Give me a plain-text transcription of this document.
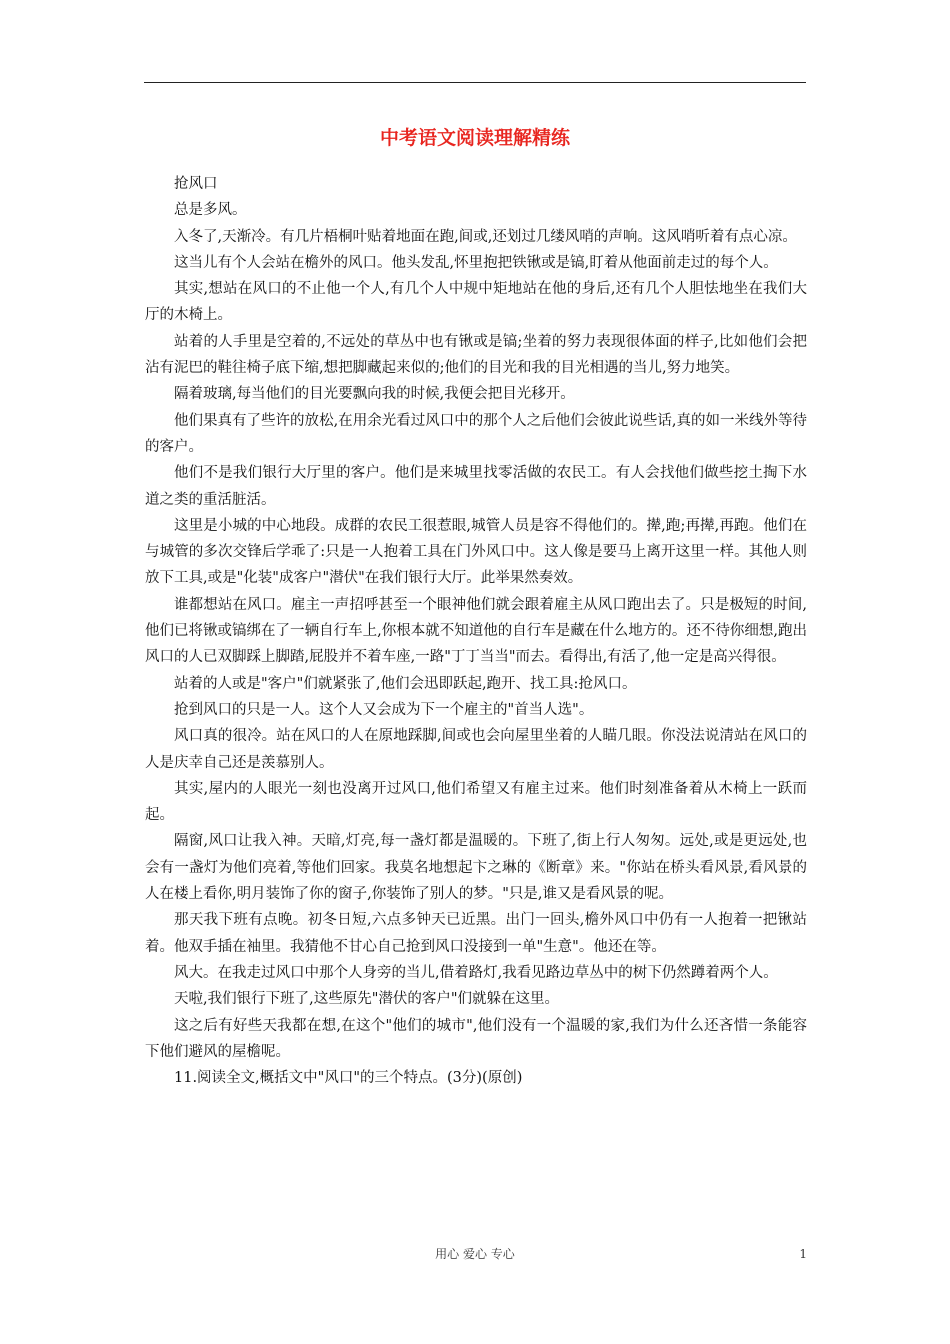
中考语文阅读理解精练

抢风口

总是多风。

入冬了,天渐冷。有几片梧桐叶贴着地面在跑,间或,还划过几缕风哨的声响。这风哨听着有点心凉。

这当儿有个人会站在檐外的风口。他头发乱,怀里抱把铁锹或是镐,盯着从他面前走过的每个人。

其实,想站在风口的不止他一个人,有几个人中规中矩地站在他的身后,还有几个人胆怯地坐在我们大厅的木椅上。

站着的人手里是空着的,不远处的草丛中也有锹或是镐;坐着的努力表现很体面的样子,比如他们会把沾有泥巴的鞋往椅子底下缩,想把脚藏起来似的;他们的目光和我的目光相遇的当儿,努力地笑。

隔着玻璃,每当他们的目光要飘向我的时候,我便会把目光移开。

他们果真有了些许的放松,在用余光看过风口中的那个人之后他们会彼此说些话,真的如一米线外等待的客户。

他们不是我们银行大厅里的客户。他们是来城里找零活做的农民工。有人会找他们做些挖土掏下水道之类的重活脏活。

这里是小城的中心地段。成群的农民工很惹眼,城管人员是容不得他们的。撵,跑;再撵,再跑。他们在与城管的多次交锋后学乖了:只是一人抱着工具在门外风口中。这人像是要马上离开这里一样。其他人则放下工具,或是"化装"成客户"潜伏"在我们银行大厅。此举果然奏效。

谁都想站在风口。雇主一声招呼甚至一个眼神他们就会跟着雇主从风口跑出去了。只是极短的时间,他们已将锹或镐绑在了一辆自行车上,你根本就不知道他的自行车是藏在什么地方的。还不待你细想,跑出风口的人已双脚踩上脚踏,屁股并不着车座,一路"丁丁当当"而去。看得出,有活了,他一定是高兴得很。

站着的人或是"客户"们就紧张了,他们会迅即跃起,跑开、找工具:抢风口。

抢到风口的只是一人。这个人又会成为下一个雇主的"首当人选"。

风口真的很冷。站在风口的人在原地踩脚,间或也会向屋里坐着的人瞄几眼。你没法说清站在风口的人是庆幸自己还是羡慕别人。

其实,屋内的人眼光一刻也没离开过风口,他们希望又有雇主过来。他们时刻准备着从木椅上一跃而起。

隔窗,风口让我入神。天暗,灯亮,每一盏灯都是温暖的。下班了,街上行人匆匆。远处,或是更远处,也会有一盏灯为他们亮着,等他们回家。我莫名地想起卞之琳的《断章》来。"你站在桥头看风景,看风景的人在楼上看你,明月装饰了你的窗子,你装饰了别人的梦。"只是,谁又是看风景的呢。

那天我下班有点晚。初冬日短,六点多钟天已近黑。出门一回头,檐外风口中仍有一人抱着一把锹站着。他双手插在袖里。我猜他不甘心自己抢到风口没接到一单"生意"。他还在等。

风大。在我走过风口中那个人身旁的当儿,借着路灯,我看见路边草丛中的树下仍然蹲着两个人。

天啦,我们银行下班了,这些原先"潜伏的客户"们就躲在这里。

这之后有好些天我都在想,在这个"他们的城市",他们没有一个温暖的家,我们为什么还吝惜一条能容下他们避风的屋檐呢。

11.阅读全文,概括文中"风口"的三个特点。(3分)(原创)

用心 爱心 专心	1
